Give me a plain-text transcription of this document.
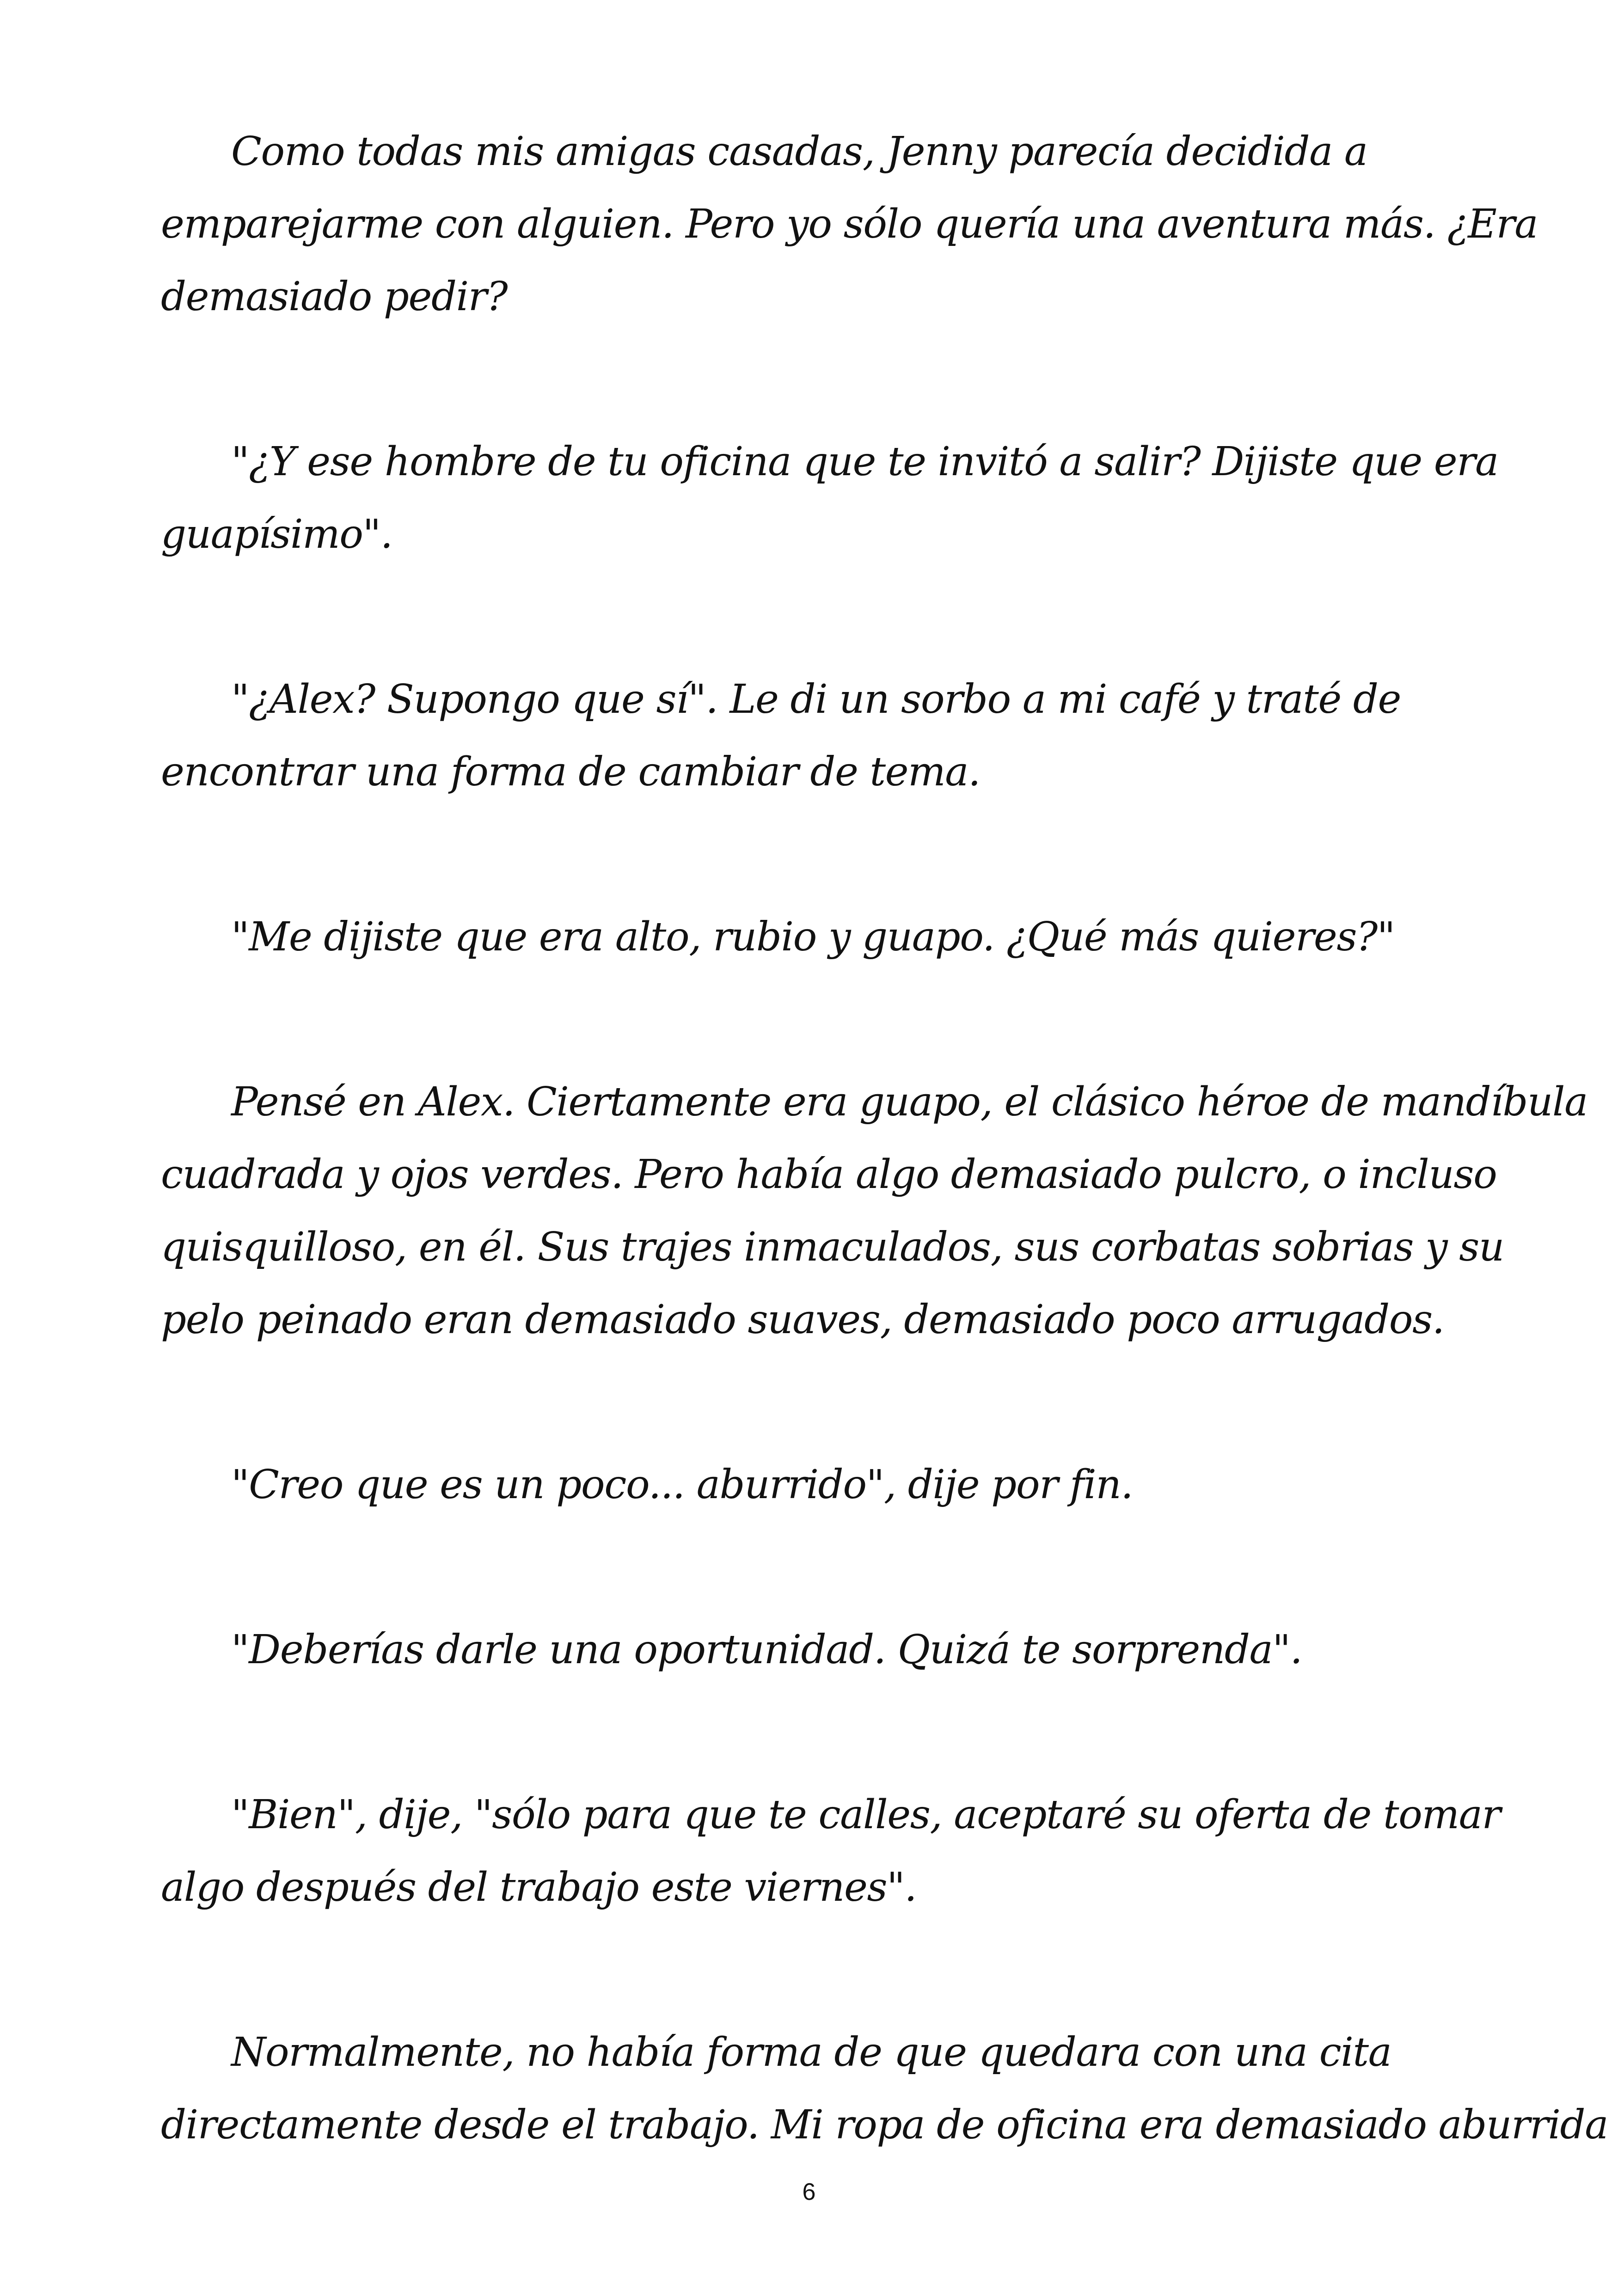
Como todas mis amigas casadas, Jenny parecía decidida a
emparejarme con alguien. Pero yo sólo quería una aventura más. ¿Era
demasiado pedir?

"¿Y ese hombre de tu oficina que te invitó a salir? Dijiste que era
guapísimo".

"¿Alex? Supongo que sí". Le di un sorbo a mi café y traté de
encontrar una forma de cambiar de tema.

"Me dijiste que era alto, rubio y guapo. ¿Qué más quieres?"

Pensé en Alex. Ciertamente era guapo, el clásico héroe de mandíbula
cuadrada y ojos verdes. Pero había algo demasiado pulcro, o incluso
quisquilloso, en él. Sus trajes inmaculados, sus corbatas sobrias y su
pelo peinado eran demasiado suaves, demasiado poco arrugados.

"Creo que es un poco... aburrido", dije por fin.

"Deberías darle una oportunidad. Quizá te sorprenda".

"Bien", dije, "sólo para que te calles, aceptaré su oferta de tomar
algo después del trabajo este viernes".

Normalmente, no había forma de que quedara con una cita
directamente desde el trabajo. Mi ropa de oficina era demasiado aburrida

6
